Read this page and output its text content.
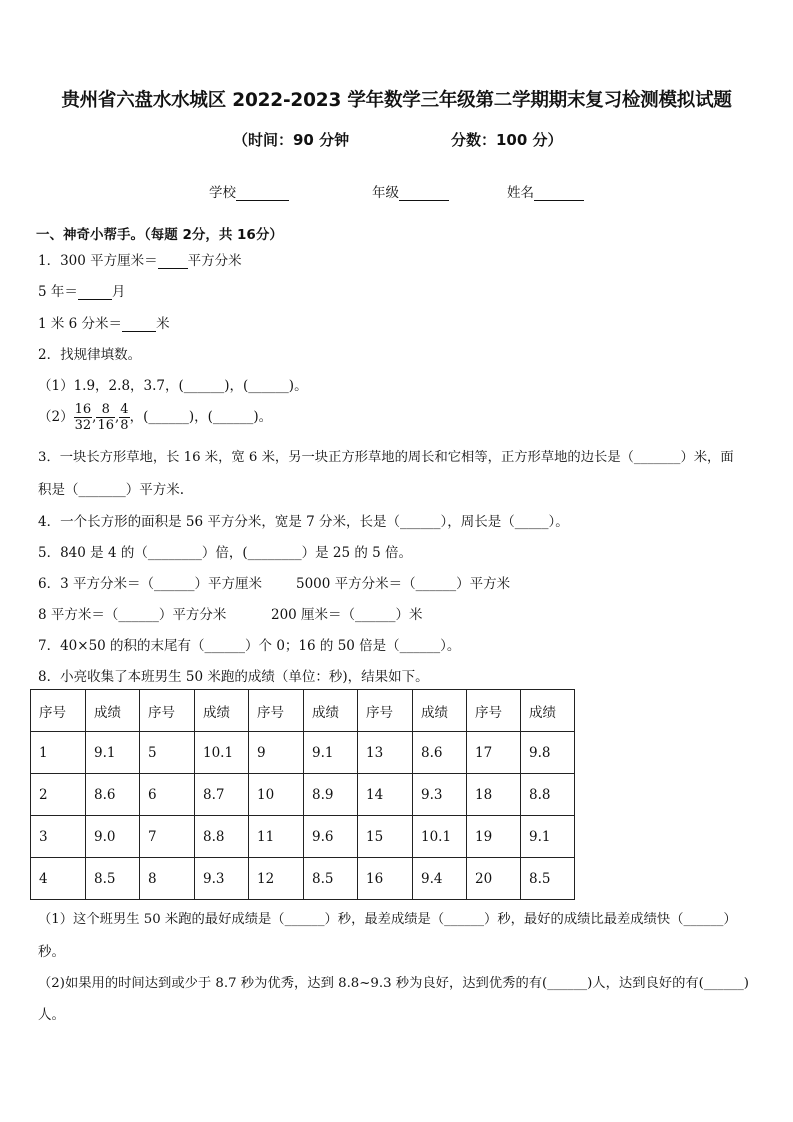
贵州省六盘水水城区 2022-2023 学年数学三年级第二学期期末复习检测模拟试题
（时间：90 分钟	分数：100 分）
学校	年级	姓名
一、神奇小帮手。（每题 2分，共 16分）
1．300 平方厘米＝ 平方分米
5 年＝	月
1 米 6 分米＝	米
2．找规律填数。
（1）1.9，2.8，3.7，(______)，(______)。
$(2) \frac{16}{32}$ , $\frac{8}{16}$ , $\frac{4}{8}$ ，(______)，(______)。
3．一块长方形草地，长 16 米，宽 6 米，另一块正方形草地的周长和它相等，正方形草地的边长是（_______）米，面
积是（_______）平方米.
4．一个长方形的面积是 56 平方分米，宽是 7 分米，长是（______），周长是（_____）。
5．840 是 4 的（________）倍，(________）是 25 的 5 倍。
6．3 平方分米＝（______）平方厘米	5000 平方分米＝（______）平方米
8 平方米＝（______）平方分米	200 厘米＝（______）米
7．40×50 的积的末尾有（______）个 0；16 的 50 倍是（______）。
8．小亮收集了本班男生 50 米跑的成绩（单位：秒)，结果如下。
序号	成绩	序号	成绩	序号	成绩	序号	成绩	序号	成绩
1	9.1	5	10.1	9	9.1	13	8.6	17	9.8
2	8.6	6	8.7	10	8.9	14	9.3	18	8.8
3	9.0	7	8.8	11	9.6	15	10.1	19	9.1
4	8.5	8	9.3	12	8.5	16	9.4	20	8.5
（1）这个班男生 50 米跑的最好成绩是（______）秒，最差成绩是（______）秒，最好的成绩比最差成绩快（______）
秒。
（2)如果用的时间达到或少于 8.7 秒为优秀，达到 8.8~9.3 秒为良好，达到优秀的有(______)人，达到良好的有(______)
人。
